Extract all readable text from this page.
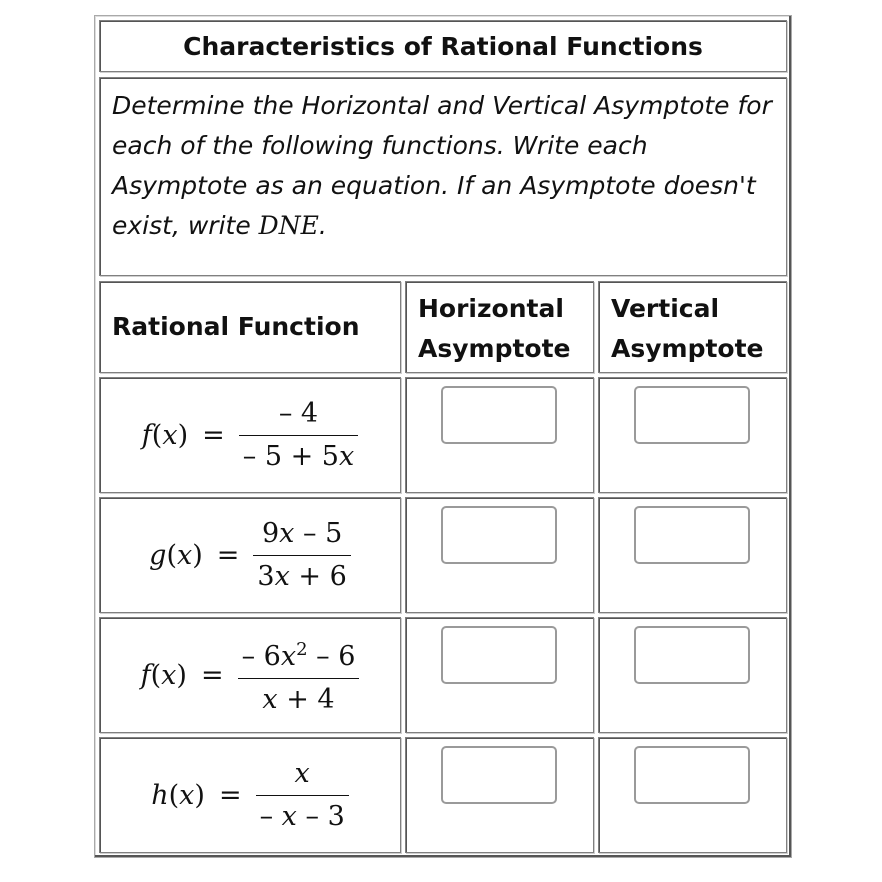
Characteristics of Rational Functions
Determine the Horizontal and Vertical Asymptote for each of the following functions. Write each Asymptote as an equation. If an Asymptote doesn't exist, write DNE.
Rational Function
Horizontal
Asymptote
Vertical
Asymptote
$f(x) = \frac{- 4}{- 5 + 5x}$
$g(x) = \frac{9x - 5}{3x + 6}$
$f(x) = \frac{- 6x^2 - 6}{x + 4}$
$h(x) = \frac{x}{- x - 3}$
